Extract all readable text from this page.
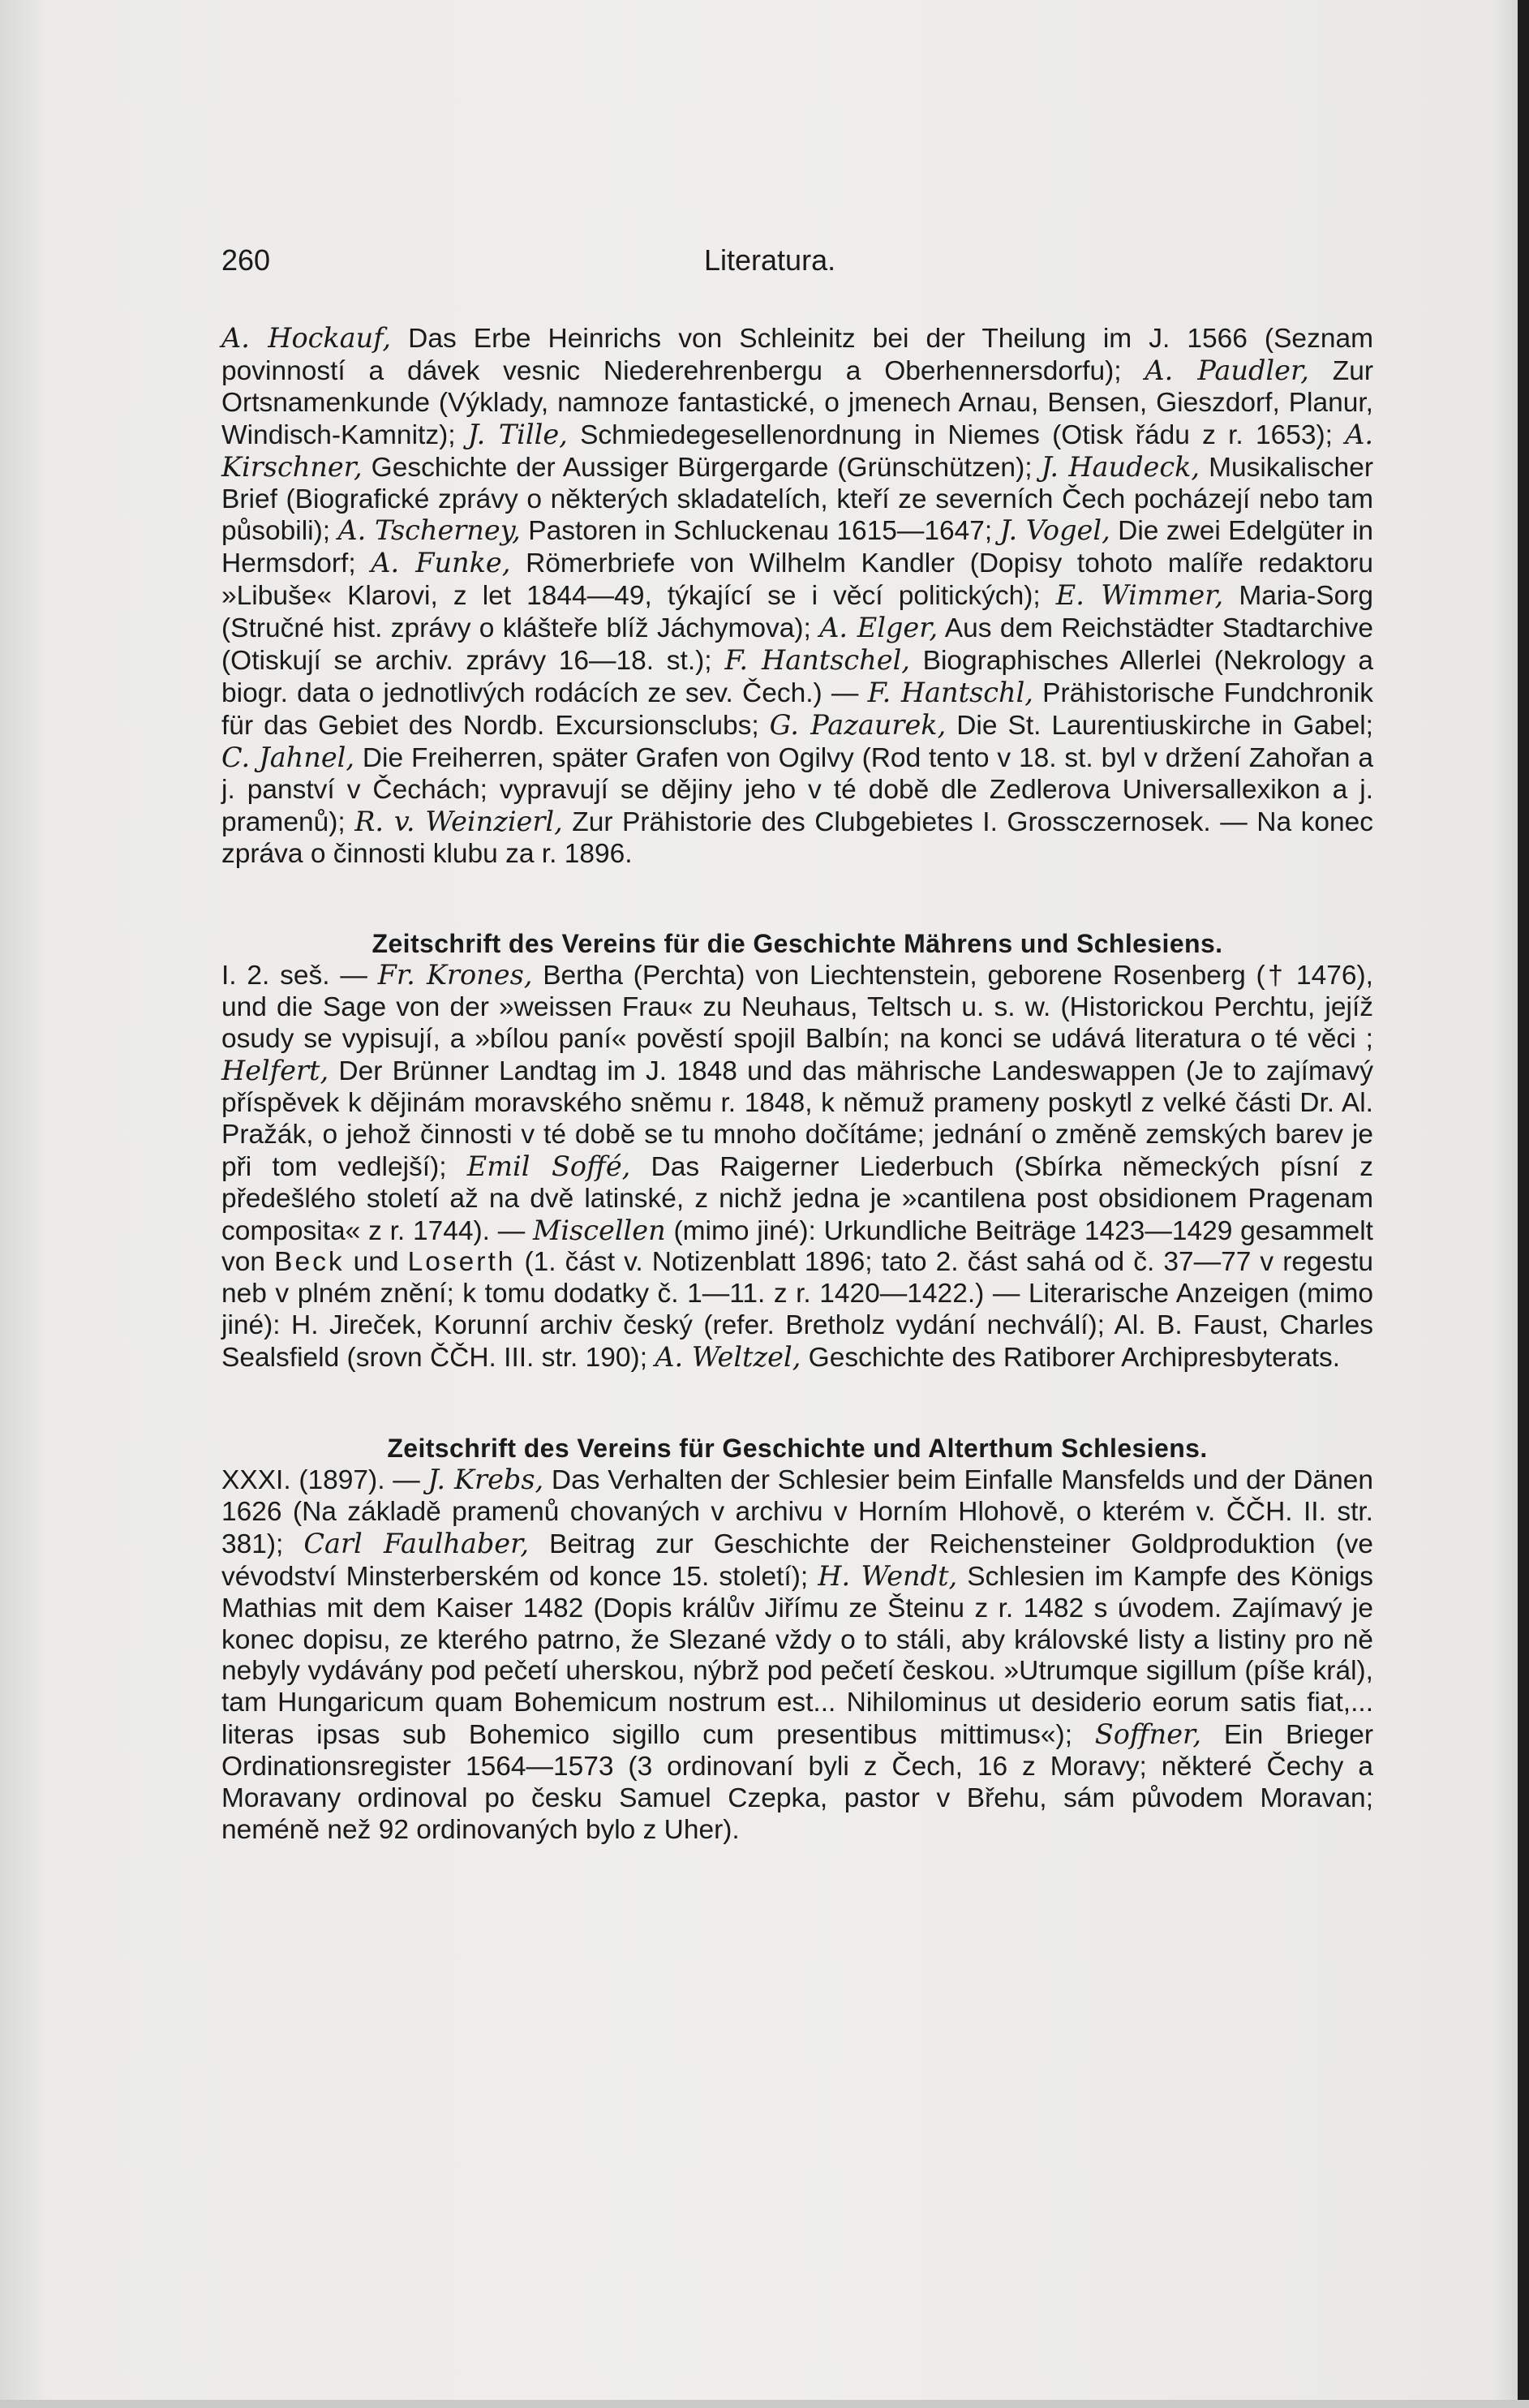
260	Literatura.

A. Hockauf, Das Erbe Heinrichs von Schleinitz bei der Theilung im J. 1566 (Seznam povinností a dávek vesnic Niederehrenbergu a Oberhennersdorfu); A. Paudler, Zur Ortsnamenkunde (Výklady, namnoze fantastické, o jmenech Arnau, Bensen, Gieszdorf, Planur, Windisch-Kamnitz); J. Tille, Schmiedegesellenordnung in Niemes (Otisk řádu z r. 1653); A. Kirschner, Geschichte der Aussiger Bürgergarde (Grünschützen); J. Haudeck, Musikalischer Brief (Biografické zprávy o některých skladatelích, kteří ze severních Čech pocházejí nebo tam působili); A. Tscherney, Pastoren in Schluckenau 1615—1647; J. Vogel, Die zwei Edelgüter in Hermsdorf; A. Funke, Römerbriefe von Wilhelm Kandler (Dopisy tohoto malíře redaktoru »Libuše« Klarovi, z let 1844—49, týkající se i věcí politických); E. Wimmer, Maria-Sorg (Stručné hist. zprávy o klášteře blíž Jáchymova); A. Elger, Aus dem Reichstädter Stadtarchive (Otiskují se archiv. zprávy 16—18. st.); F. Hantschel, Biographisches Allerlei (Nekrology a biogr. data o jednotlivých rodácích ze sev. Čech.) — F. Hantschl, Prähistorische Fundchronik für das Gebiet des Nordb. Excursionsclubs; G. Pazaurek, Die St. Laurentiuskirche in Gabel; C. Jahnel, Die Freiherren, später Grafen von Ogilvy (Rod tento v 18. st. byl v držení Zahořan a j. panství v Čechách; vypravují se dějiny jeho v té době dle Zedlerova Universallexikon a j. pramenů); R. v. Weinzierl, Zur Prähistorie des Clubgebietes I. Grossczernosek. — Na konec zpráva o činnosti klubu za r. 1896.

Zeitschrift des Vereins für die Geschichte Mährens und Schlesiens.

I. 2. seš. — Fr. Krones, Bertha (Perchta) von Liechtenstein, geborene Rosenberg († 1476), und die Sage von der »weissen Frau« zu Neuhaus, Teltsch u. s. w. (Historickou Perchtu, jejíž osudy se vypisují, a »bílou paní« pověstí spojil Balbín; na konci se udává literatura o té věci ; Helfert, Der Brünner Landtag im J. 1848 und das mährische Landeswappen (Je to zajímavý příspěvek k dějinám moravského sněmu r. 1848, k němuž prameny poskytl z velké části Dr. Al. Pražák, o jehož činnosti v té době se tu mnoho dočítáme; jednání o změně zemských barev je při tom vedlejší); Emil Soffé, Das Raigerner Liederbuch (Sbírka německých písní z předešlého století až na dvě latinské, z nichž jedna je »cantilena post obsidionem Pragenam composita« z r. 1744). — Miscellen (mimo jiné): Urkundliche Beiträge 1423—1429 gesammelt von Beck und Loserth (1. část v. Notizenblatt 1896; tato 2. část sahá od č. 37—77 v regestu neb v plném znění; k tomu dodatky č. 1—11. z r. 1420—1422.) — Literarische Anzeigen (mimo jiné): H. Jireček, Korunní archiv český (refer. Bretholz vydání nechválí); Al. B. Faust, Charles Sealsfield (srovn ČČH. III. str. 190); A. Weltzel, Geschichte des Ratiborer Archipresbyterats.

Zeitschrift des Vereins für Geschichte und Alterthum Schlesiens.

XXXI. (1897). — J. Krebs, Das Verhalten der Schlesier beim Einfalle Mansfelds und der Dänen 1626 (Na základě pramenů chovaných v archivu v Horním Hlohově, o kterém v. ČČH. II. str. 381); Carl Faulhaber, Beitrag zur Geschichte der Reichensteiner Goldproduktion (ve vévodství Minsterberském od konce 15. století); H. Wendt, Schlesien im Kampfe des Königs Mathias mit dem Kaiser 1482 (Dopis králův Jiřímu ze Šteinu z r. 1482 s úvodem. Zajímavý je konec dopisu, ze kterého patrno, že Slezané vždy o to stáli, aby královské listy a listiny pro ně nebyly vydávány pod pečetí uherskou, nýbrž pod pečetí českou. »Utrumque sigillum (píše král), tam Hungaricum quam Bohemicum nostrum est... Nihilominus ut desiderio eorum satis fiat,... literas ipsas sub Bohemico sigillo cum presentibus mittimus«); Soffner, Ein Brieger Ordinationsregister 1564—1573 (3 ordinovaní byli z Čech, 16 z Moravy; některé Čechy a Moravany ordinoval po česku Samuel Czepka, pastor v Břehu, sám původem Moravan; neméně než 92 ordinovaných bylo z Uher).
